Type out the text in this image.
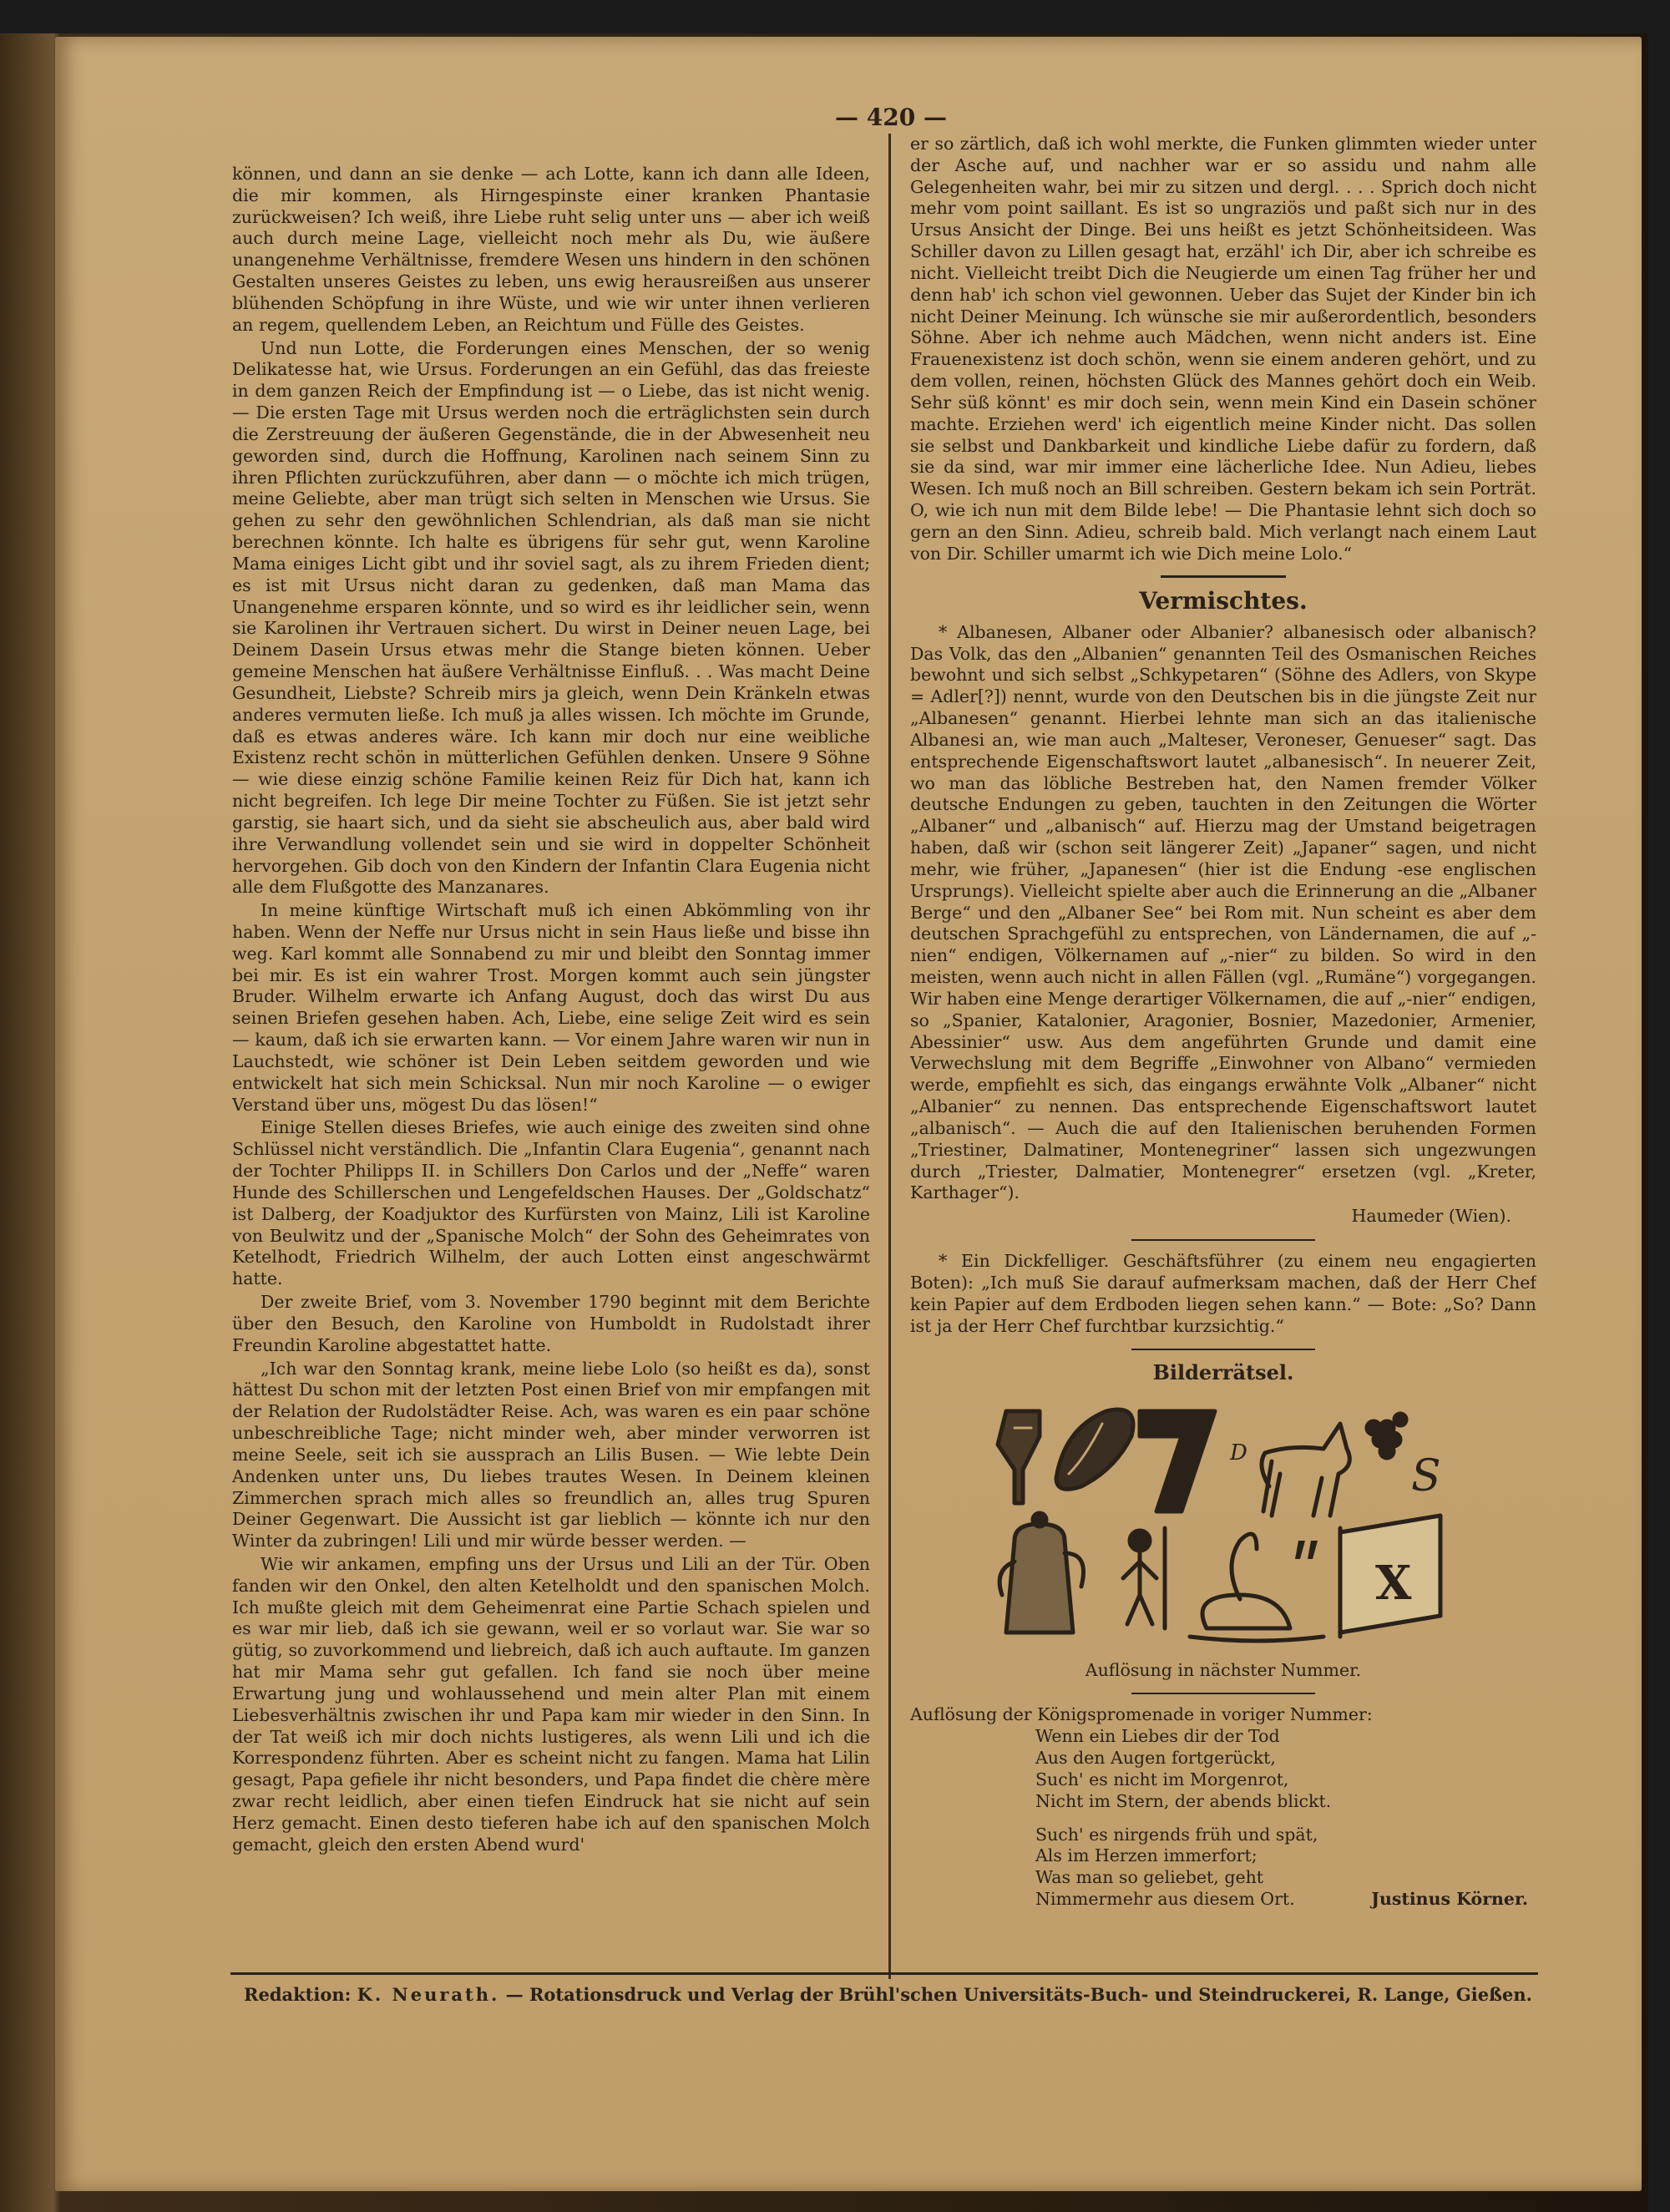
— 420 —

können, und dann an sie denke — ach Lotte, kann ich dann alle Ideen, die mir kommen, als Hirngespinste einer kranken Phantasie zurückweisen? Ich weiß, ihre Liebe ruht selig unter uns — aber ich weiß auch durch meine Lage, vielleicht noch mehr als Du, wie äußere unangenehme Verhältnisse, fremdere Wesen uns hindern in den schönen Gestalten unseres Geistes zu leben, uns ewig herausreißen aus unserer blühenden Schöpfung in ihre Wüste, und wie wir unter ihnen verlieren an regem, quellendem Leben, an Reichtum und Fülle des Geistes.

Und nun Lotte, die Forderungen eines Menschen, der so wenig Delikatesse hat, wie Ursus. Forderungen an ein Gefühl, das das freieste in dem ganzen Reich der Empfindung ist — o Liebe, das ist nicht wenig. — Die ersten Tage mit Ursus werden noch die erträglichsten sein durch die Zerstreuung der äußeren Gegenstände, die in der Abwesenheit neu geworden sind, durch die Hoffnung, Karolinen nach seinem Sinn zu ihren Pflichten zurückzuführen, aber dann — o möchte ich mich trügen, meine Geliebte, aber man trügt sich selten in Menschen wie Ursus. Sie gehen zu sehr den gewöhnlichen Schlendrian, als daß man sie nicht berechnen könnte. Ich halte es übrigens für sehr gut, wenn Karoline Mama einiges Licht gibt und ihr soviel sagt, als zu ihrem Frieden dient; es ist mit Ursus nicht daran zu gedenken, daß man Mama das Unangenehme ersparen könnte, und so wird es ihr leidlicher sein, wenn sie Karolinen ihr Vertrauen sichert. Du wirst in Deiner neuen Lage, bei Deinem Dasein Ursus etwas mehr die Stange bieten können. Ueber gemeine Menschen hat äußere Verhältnisse Einfluß. . . Was macht Deine Gesundheit, Liebste? Schreib mirs ja gleich, wenn Dein Kränkeln etwas anderes vermuten ließe. Ich muß ja alles wissen. Ich möchte im Grunde, daß es etwas anderes wäre. Ich kann mir doch nur eine weibliche Existenz recht schön in mütterlichen Gefühlen denken. Unsere 9 Söhne — wie diese einzig schöne Familie keinen Reiz für Dich hat, kann ich nicht begreifen. Ich lege Dir meine Tochter zu Füßen. Sie ist jetzt sehr garstig, sie haart sich, und da sieht sie abscheulich aus, aber bald wird ihre Verwandlung vollendet sein und sie wird in doppelter Schönheit hervorgehen. Gib doch von den Kindern der Infantin Clara Eugenia nicht alle dem Flußgotte des Manzanares.

In meine künftige Wirtschaft muß ich einen Abkömmling von ihr haben. Wenn der Neffe nur Ursus nicht in sein Haus ließe und bisse ihn weg. Karl kommt alle Sonnabend zu mir und bleibt den Sonntag immer bei mir. Es ist ein wahrer Trost. Morgen kommt auch sein jüngster Bruder. Wilhelm erwarte ich Anfang August, doch das wirst Du aus seinen Briefen gesehen haben. Ach, Liebe, eine selige Zeit wird es sein — kaum, daß ich sie erwarten kann. — Vor einem Jahre waren wir nun in Lauchstedt, wie schöner ist Dein Leben seitdem geworden und wie entwickelt hat sich mein Schicksal. Nun mir noch Karoline — o ewiger Verstand über uns, mögest Du das lösen!“

Einige Stellen dieses Briefes, wie auch einige des zweiten sind ohne Schlüssel nicht verständlich. Die „Infantin Clara Eugenia“, genannt nach der Tochter Philipps II. in Schillers Don Carlos und der „Neffe“ waren Hunde des Schillerschen und Lengefeldschen Hauses. Der „Goldschatz“ ist Dalberg, der Koadjuktor des Kurfürsten von Mainz, Lili ist Karoline von Beulwitz und der „Spanische Molch“ der Sohn des Geheimrates von Ketelhodt, Friedrich Wilhelm, der auch Lotten einst angeschwärmt hatte.

Der zweite Brief, vom 3. November 1790 beginnt mit dem Berichte über den Besuch, den Karoline von Humboldt in Rudolstadt ihrer Freundin Karoline abgestattet hatte.

„Ich war den Sonntag krank, meine liebe Lolo (so heißt es da), sonst hättest Du schon mit der letzten Post einen Brief von mir empfangen mit der Relation der Rudolstädter Reise. Ach, was waren es ein paar schöne unbeschreibliche Tage; nicht minder weh, aber minder verworren ist meine Seele, seit ich sie aussprach an Lilis Busen. — Wie lebte Dein Andenken unter uns, Du liebes trautes Wesen. In Deinem kleinen Zimmerchen sprach mich alles so freundlich an, alles trug Spuren Deiner Gegenwart. Die Aussicht ist gar lieblich — könnte ich nur den Winter da zubringen! Lili und mir würde besser werden. —

Wie wir ankamen, empfing uns der Ursus und Lili an der Tür. Oben fanden wir den Onkel, den alten Ketelholdt und den spanischen Molch. Ich mußte gleich mit dem Geheimenrat eine Partie Schach spielen und es war mir lieb, daß ich sie gewann, weil er so vorlaut war. Sie war so gütig, so zuvorkommend und liebreich, daß ich auch auftaute. Im ganzen hat mir Mama sehr gut gefallen. Ich fand sie noch über meine Erwartung jung und wohlaussehend und mein alter Plan mit einem Liebesverhältnis zwischen ihr und Papa kam mir wieder in den Sinn. In der Tat weiß ich mir doch nichts lustigeres, als wenn Lili und ich die Korrespondenz führten. Aber es scheint nicht zu fangen. Mama hat Lilin gesagt, Papa gefiele ihr nicht besonders, und Papa findet die chère mère zwar recht leidlich, aber einen tiefen Eindruck hat sie nicht auf sein Herz gemacht. Einen desto tieferen habe ich auf den spanischen Molch gemacht, gleich den ersten Abend wurd'

er so zärtlich, daß ich wohl merkte, die Funken glimmten wieder unter der Asche auf, und nachher war er so assidu und nahm alle Gelegenheiten wahr, bei mir zu sitzen und dergl. . . . Sprich doch nicht mehr vom point saillant. Es ist so ungraziös und paßt sich nur in des Ursus Ansicht der Dinge. Bei uns heißt es jetzt Schönheitsideen. Was Schiller davon zu Lillen gesagt hat, erzähl' ich Dir, aber ich schreibe es nicht. Vielleicht treibt Dich die Neugierde um einen Tag früher her und denn hab' ich schon viel gewonnen. Ueber das Sujet der Kinder bin ich nicht Deiner Meinung. Ich wünsche sie mir außerordentlich, besonders Söhne. Aber ich nehme auch Mädchen, wenn nicht anders ist. Eine Frauenexistenz ist doch schön, wenn sie einem anderen gehört, und zu dem vollen, reinen, höchsten Glück des Mannes gehört doch ein Weib. Sehr süß könnt' es mir doch sein, wenn mein Kind ein Dasein schöner machte. Erziehen werd' ich eigentlich meine Kinder nicht. Das sollen sie selbst und Dankbarkeit und kindliche Liebe dafür zu fordern, daß sie da sind, war mir immer eine lächerliche Idee. Nun Adieu, liebes Wesen. Ich muß noch an Bill schreiben. Gestern bekam ich sein Porträt. O, wie ich nun mit dem Bilde lebe! — Die Phantasie lehnt sich doch so gern an den Sinn. Adieu, schreib bald. Mich verlangt nach einem Laut von Dir. Schiller umarmt ich wie Dich meine Lolo.“
Vermischtes.

* Albanesen, Albaner oder Albanier? albanesisch oder albanisch? Das Volk, das den „Albanien“ genannten Teil des Osmanischen Reiches bewohnt und sich selbst „Schkypetaren“ (Söhne des Adlers, von Skype = Adler[?]) nennt, wurde von den Deutschen bis in die jüngste Zeit nur „Albanesen“ genannt. Hierbei lehnte man sich an das italienische Albanesi an, wie man auch „Malteser, Veroneser, Genueser“ sagt. Das entsprechende Eigenschaftswort lautet „albanesisch“. In neuerer Zeit, wo man das löbliche Bestreben hat, den Namen fremder Völker deutsche Endungen zu geben, tauchten in den Zeitungen die Wörter „Albaner“ und „albanisch“ auf. Hierzu mag der Umstand beigetragen haben, daß wir (schon seit längerer Zeit) „Japaner“ sagen, und nicht mehr, wie früher, „Japanesen“ (hier ist die Endung -ese englischen Ursprungs). Vielleicht spielte aber auch die Erinnerung an die „Albaner Berge“ und den „Albaner See“ bei Rom mit. Nun scheint es aber dem deutschen Sprachgefühl zu entsprechen, von Ländernamen, die auf „-nien“ endigen, Völkernamen auf „-nier“ zu bilden. So wird in den meisten, wenn auch nicht in allen Fällen (vgl. „Rumäne“) vorgegangen. Wir haben eine Menge derartiger Völkernamen, die auf „-nier“ endigen, so „Spanier, Katalonier, Aragonier, Bosnier, Mazedonier, Armenier, Abessinier“ usw. Aus dem angeführten Grunde und damit eine Verwechslung mit dem Begriffe „Einwohner von Albano“ vermieden werde, empfiehlt es sich, das eingangs erwähnte Volk „Albaner“ nicht „Albanier“ zu nennen. Das entsprechende Eigenschaftswort lautet „albanisch“. — Auch die auf den Italienischen beruhenden Formen „Triestiner, Dalmatiner, Montenegriner“ lassen sich ungezwungen durch „Triester, Dalmatier, Montenegrer“ ersetzen (vgl. „Kreter, Karthager“).

Haumeder (Wien).

* Ein Dickfelliger. Geschäftsführer (zu einem neu engagierten Boten): „Ich muß Sie darauf aufmerksam machen, daß der Herr Chef kein Papier auf dem Erdboden liegen sehen kann.“ — Bote: „So? Dann ist ja der Herr Chef furchtbar kurzsichtig.“

Bilderrätsel.
D	S
X
Auflösung in nächster Nummer.
Auflösung der Königspromenade in voriger Nummer:
Wenn ein Liebes dir der Tod
Aus den Augen fortgerückt,
Such' es nicht im Morgenrot,
Nicht im Stern, der abends blickt.
Such' es nirgends früh und spät,
Als im Herzen immerfort;
Was man so geliebet, geht
Nimmermehr aus diesem Ort.	Justinus Körner.
Redaktion: K. Neurath. — Rotationsdruck und Verlag der Brühl'schen Universitäts-Buch- und Steindruckerei, R. Lange, Gießen.
